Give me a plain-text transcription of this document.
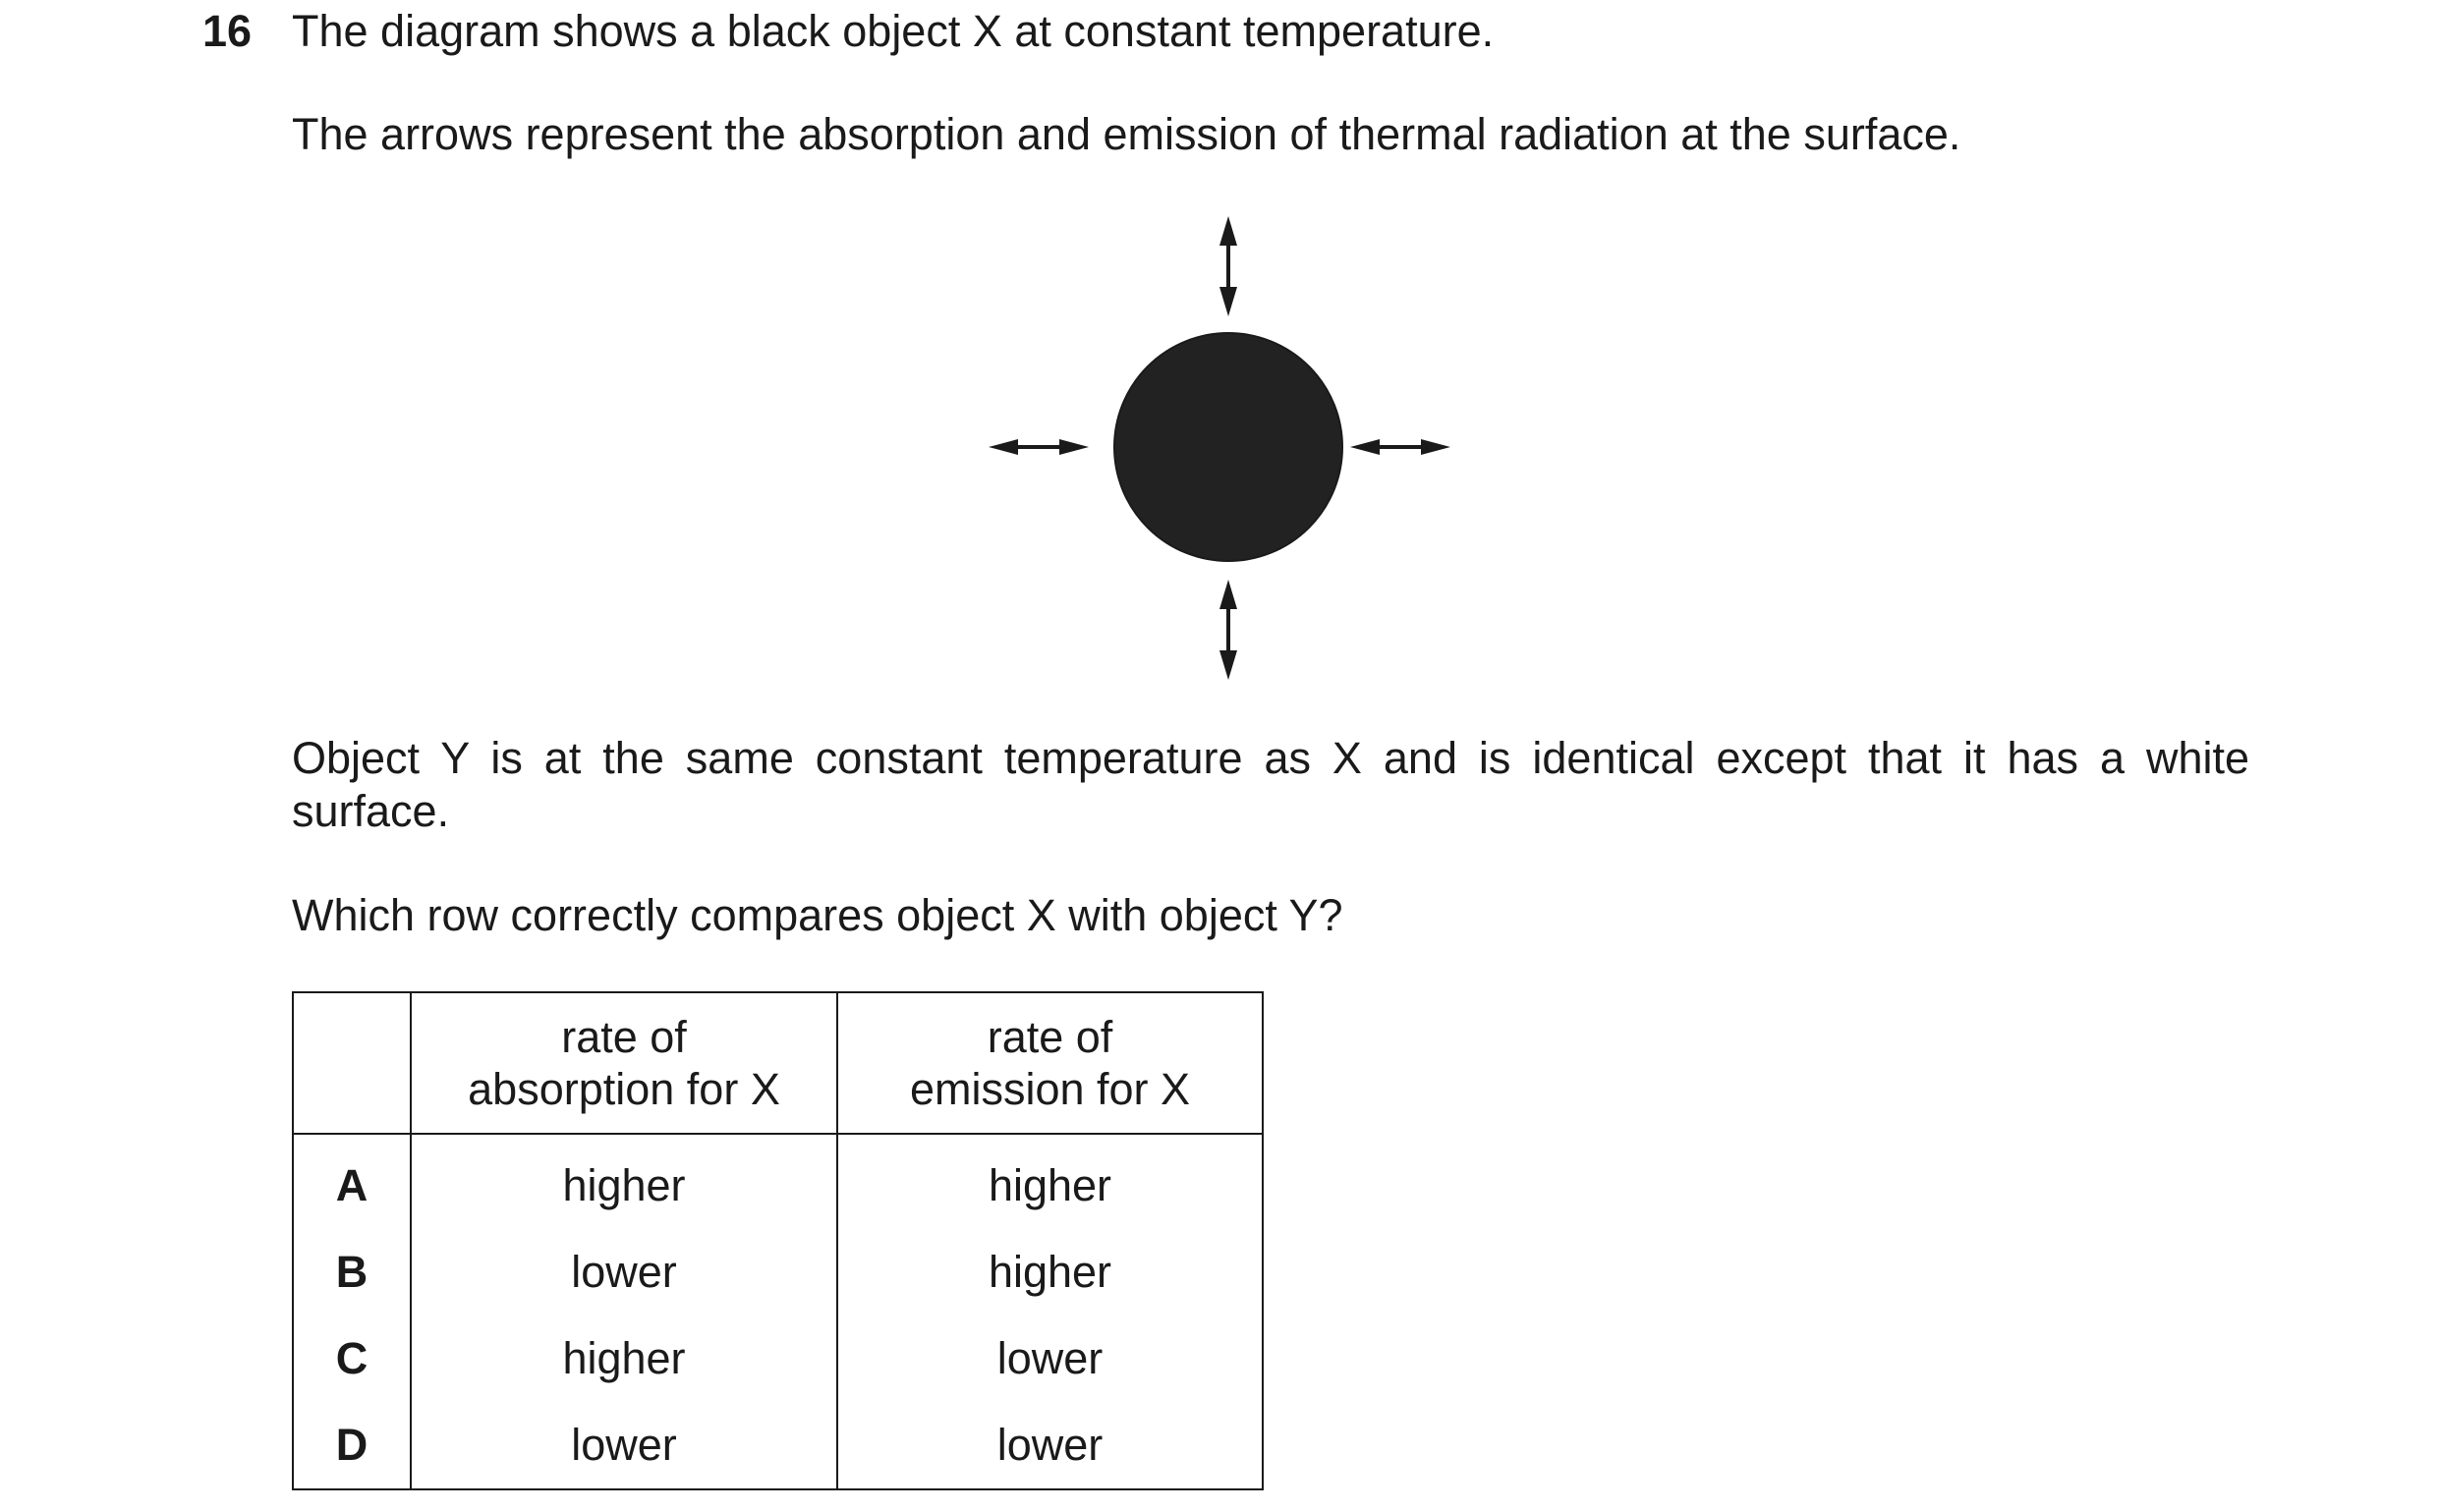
16 The diagram shows a black object X at constant temperature.
The arrows represent the absorption and emission of thermal radiation at the surface.
Object Y is at the same constant temperature as X and is identical except that it has a white surface.
Which row correctly compares object X with object Y?
	rate of
absorption for X	rate of
emission for X
A	higher	higher
B	lower	higher
C	higher	lower
D	lower	lower
